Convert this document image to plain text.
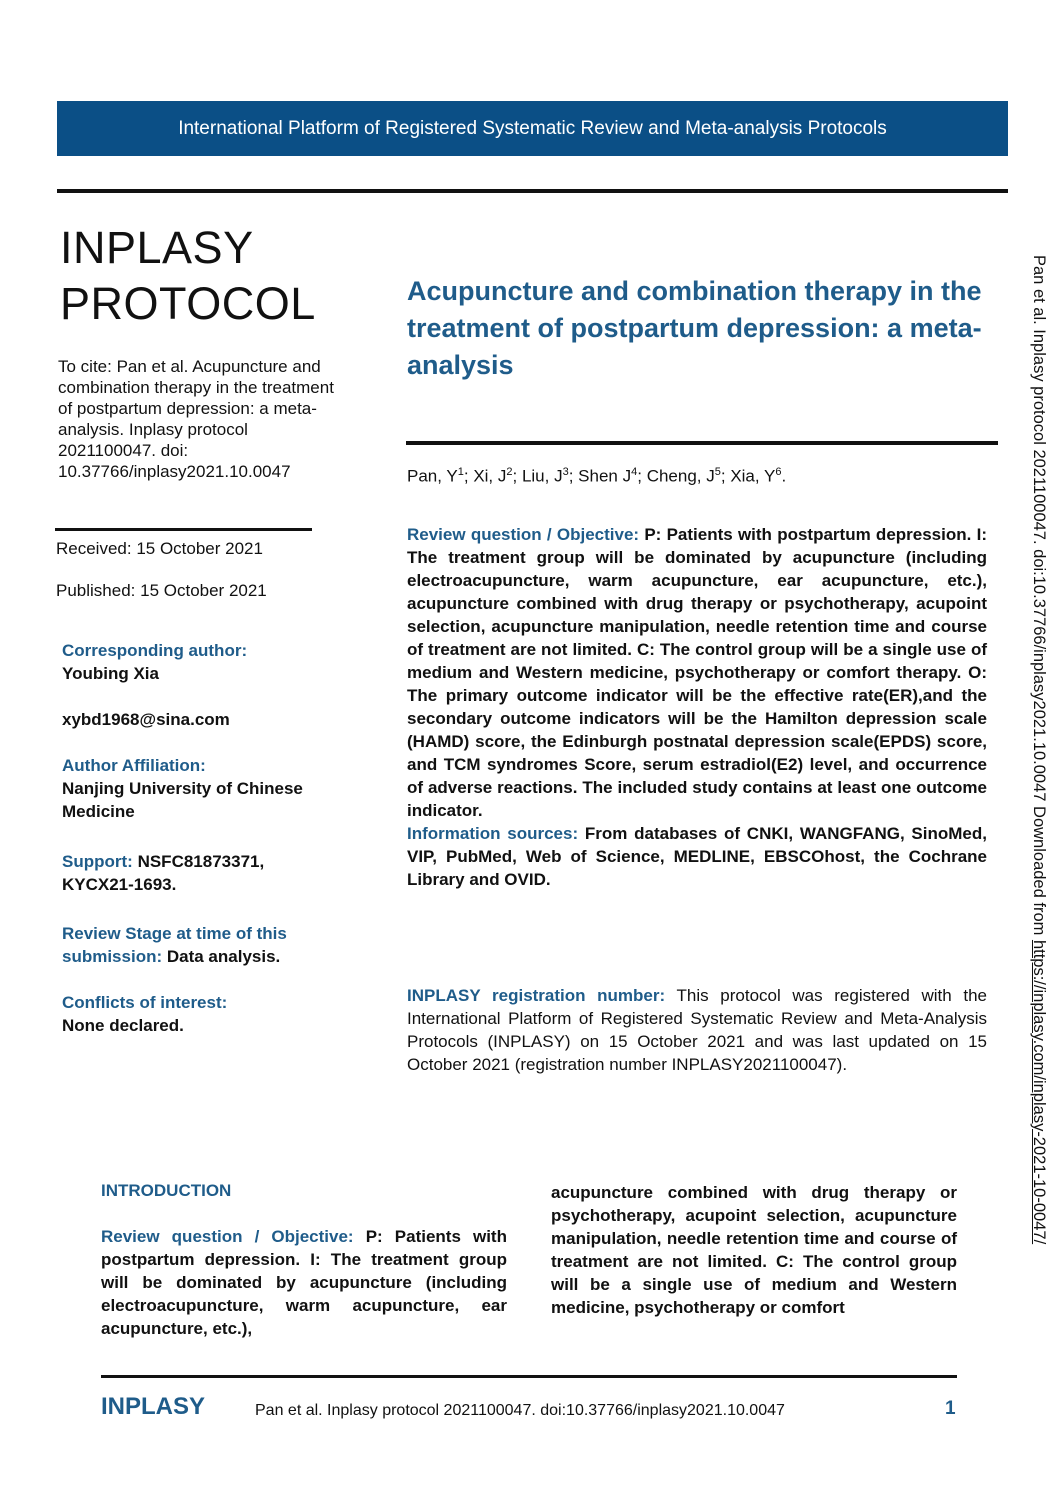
International Platform of Registered Systematic Review and Meta-analysis Protocols
INPLASY
PROTOCOL
To cite: Pan et al. Acupuncture and combination therapy in the treatment of postpartum depression: a meta-analysis. Inplasy protocol 2021100047. doi: 10.37766/inplasy2021.10.0047
Received: 15 October 2021
Published: 15 October 2021
Corresponding author:
Youbing Xia
xybd1968@sina.com
Author Affiliation:
Nanjing University of Chinese Medicine
Support: NSFC81873371, KYCX21-1693.
Review Stage at time of this submission: Data analysis.
Conflicts of interest:
None declared.
Acupuncture and combination therapy in the treatment of postpartum depression: a meta-analysis
Pan, $Y^1$; Xi, $J^2$; Liu, $J^3$; Shen $J^4$; Cheng, $J^5$; Xia, $Y^6$.
Review question / Objective: P: Patients with postpartum depression. I: The treatment group will be dominated by acupuncture (including electroacupuncture, warm acupuncture, ear acupuncture, etc.), acupuncture combined with drug therapy or psychotherapy, acupoint selection, acupuncture manipulation, needle retention time and course of treatment are not limited. C: The control group will be a single use of medium and Western medicine, psychotherapy or comfort therapy. O: The primary outcome indicator will be the effective rate(ER),and the secondary outcome indicators will be the Hamilton depression scale (HAMD) score, the Edinburgh postnatal depression scale(EPDS) score, and TCM syndromes Score, serum estradiol(E2) level, and occurrence of adverse reactions. The included study contains at least one outcome indicator.
Information sources: From databases of CNKI, WANGFANG, SinoMed, VIP, PubMed, Web of Science, MEDLINE, EBSCOhost, the Cochrane Library and OVID.
INPLASY registration number: This protocol was registered with the International Platform of Registered Systematic Review and Meta-Analysis Protocols (INPLASY) on 15 October 2021 and was last updated on 15 October 2021 (registration number INPLASY2021100047).
INTRODUCTION
Review question / Objective: P: Patients with postpartum depression. I: The treatment group will be dominated by acupuncture (including electroacupuncture, warm acupuncture, ear acupuncture, etc.),
acupuncture combined with drug therapy or psychotherapy, acupoint selection, acupuncture manipulation, needle retention time and course of treatment are not limited. C: The control group will be a single use of medium and Western medicine, psychotherapy or comfort
INPLASY	Pan et al. Inplasy protocol 2021100047. doi:10.37766/inplasy2021.10.0047	1
Pan et al. Inplasy protocol 2021100047. doi:10.37766/inplasy2021.10.0047 Downloaded from https://inplasy.com/inplasy-2021-10-0047/
